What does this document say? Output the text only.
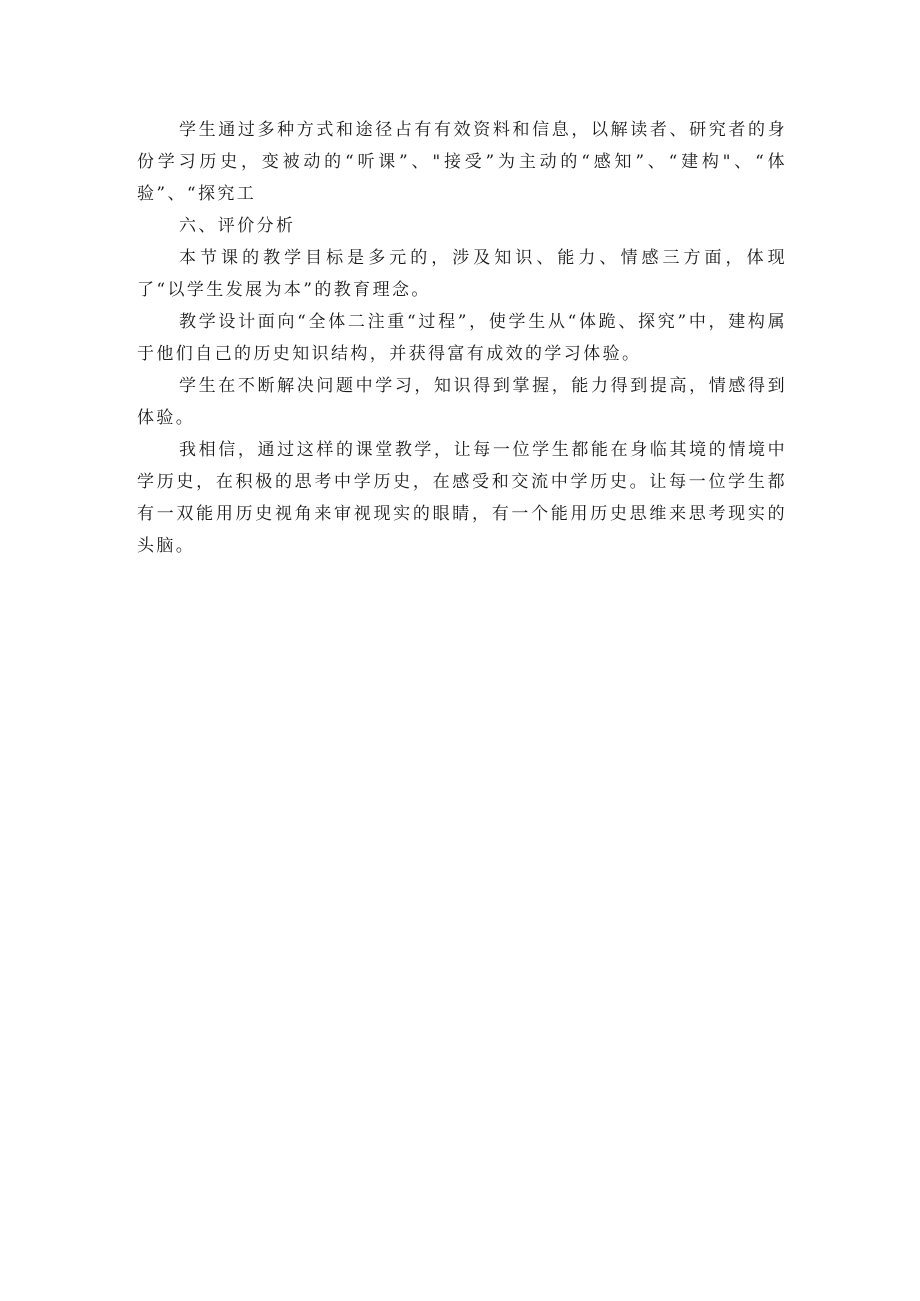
学生通过多种方式和途径占有有效资料和信息，以解读者、研究者的身份学习历史，变被动的“听课”、"接受”为主动的“感知”、“建构"、“体验”、“探究工

六、评价分析

本节课的教学目标是多元的，涉及知识、能力、情感三方面，体现了“以学生发展为本”的教育理念。

教学设计面向“全体二注重“过程”，使学生从“体跪、探究”中，建构属于他们自己的历史知识结构，并获得富有成效的学习体验。

学生在不断解决问题中学习，知识得到掌握，能力得到提高，情感得到体验。

我相信，通过这样的课堂教学，让每一位学生都能在身临其境的情境中学历史，在积极的思考中学历史，在感受和交流中学历史。让每一位学生都有一双能用历史视角来审视现实的眼睛，有一个能用历史思维来思考现实的头脑。
